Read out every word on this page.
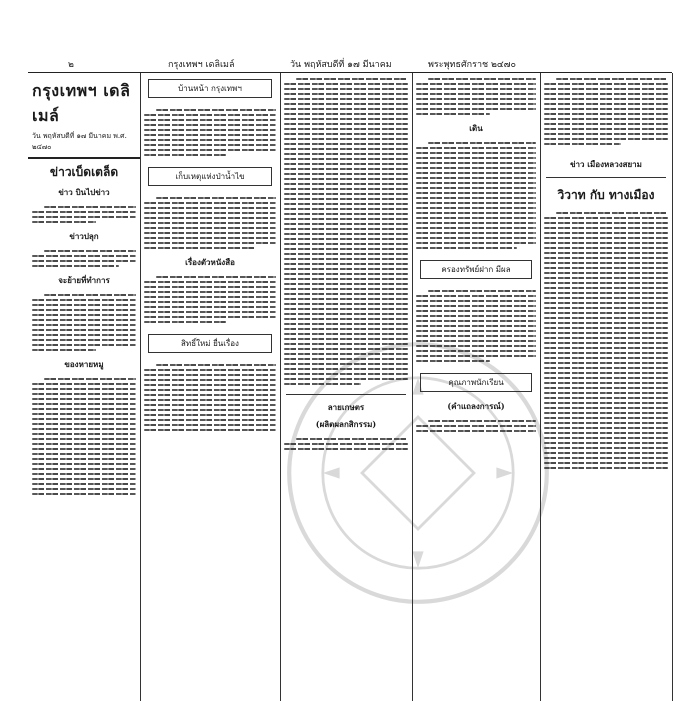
๒	กรุงเทพฯ เดลิเมล์	วัน พฤหัสบดีที่ ๑๗ มีนาคม	พระพุทธศักราช ๒๔๗๐
กรุงเทพฯ เดลิเมล์
วัน พฤหัสบดีที่ ๑๗ มีนาคม พ.ศ. ๒๔๗๐
ข่าวเบ็ดเตล็ด
ข่าว บินไปข่าว
ข่าวปลุก
จะย้ายที่ทำการ
ของหายหมู
บ้านหน้า กรุงเทพฯ
เก็บเหตุแห่งป่าน้ำไข
เรื่องตัวหนังสือ
สิทธิ์ใหม่ ยื่นเรื่อง
ลายเกษตร
(ผลิตผลกสิกรรม)
เดิน
ครองทรัพย์ฝาก มีผล
คุณภาพนักเรียน
(คำแถลงการณ์)
ข่าว เมืองหลวงสยาม
วิวาท กับ ทางเมือง
